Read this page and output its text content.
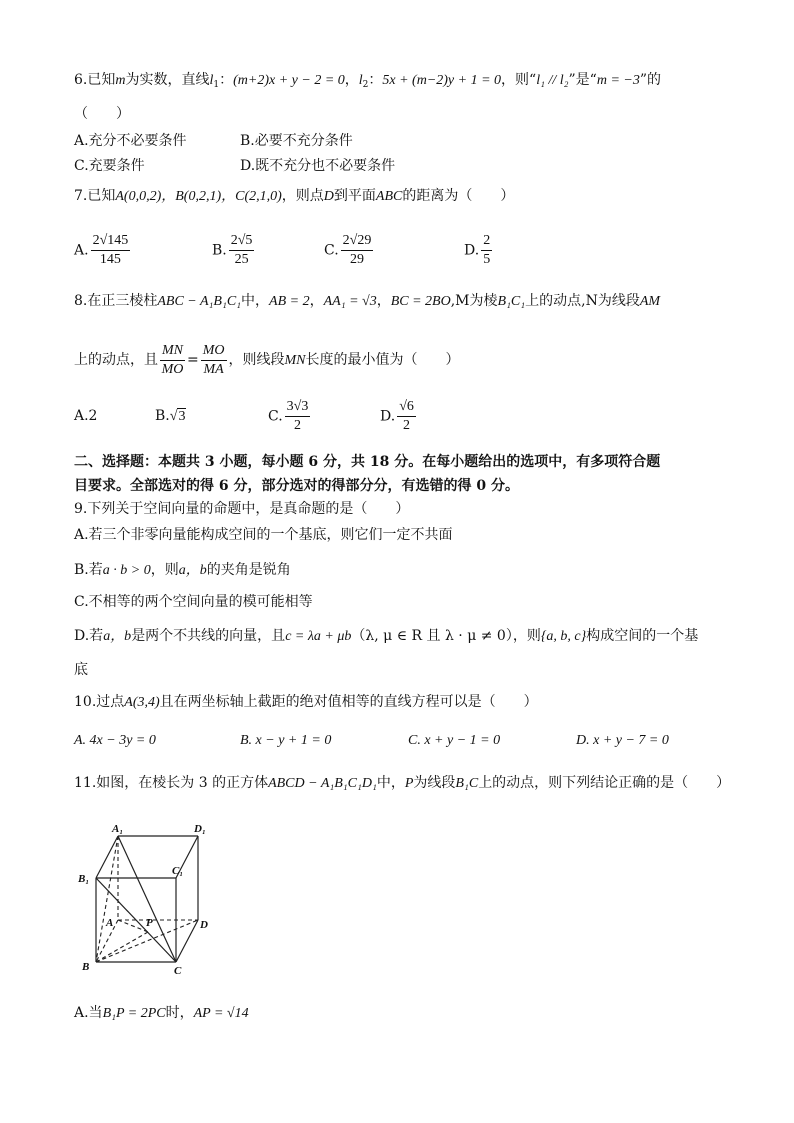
6.已知m为实数，直线$l_1$：(m+2)x + y − 2 = 0，$l_2$：5x + (m−2)y + 1 = 0，则“l₁ // l₂”是“m = −3”的
（　　）
A.充分不必要条件	B.必要不充分条件
C.充要条件	D.既不充分也不必要条件
7.已知A(0,0,2)，B(0,2,1)，C(2,1,0)，则点D到平面ABC的距离为（　　）
A. $\frac{2√145}{145}$	B. $\frac{2√5}{25}$	C. $\frac{2√29}{29}$	D. $\frac{2}{5}$
8.在正三棱柱ABC − A₁B₁C₁中，AB = 2，AA₁ = √3，BC = 2BO,M为棱B₁C₁上的动点,N为线段AM
上的动点，且 $\frac{MN}{MO} = \frac{MO}{MA}$ ，则线段MN长度的最小值为（　　）
A.2	B.√3	C. $\frac{3√3}{2}$	D. $\frac{√6}{2}$
二、选择题：本题共 3 小题，每小题 6 分，共 18 分。在每小题给出的选项中，有多项符合题
目要求。全部选对的得 6 分，部分选对的得部分分，有选错的得 0 分。
9.下列关于空间向量的命题中，是真命题的是（　　）
A.若三个非零向量能构成空间的一个基底，则它们一定不共面
B.若a · b > 0，则a，b的夹角是锐角
C.不相等的两个空间向量的模可能相等
D.若a，b是两个不共线的向量，且c = λa + μb（λ, μ ∈ R 且 λ · μ ≠ 0），则{a, b, c}构成空间的一个基
底
10.过点A(3,4)且在两坐标轴上截距的绝对值相等的直线方程可以是（　　）
A. 4x − 3y = 0	B. x − y + 1 = 0	C. x + y − 1 = 0	D. x + y − 7 = 0
11.如图，在棱长为 3 的正方体ABCD − A₁B₁C₁D₁中，P为线段B₁C上的动点，则下列结论正确的是（　　）
A₁	D₁
B₁
C₁
A	P	D
B	C
A.当B₁P = 2PC时，AP = √14
